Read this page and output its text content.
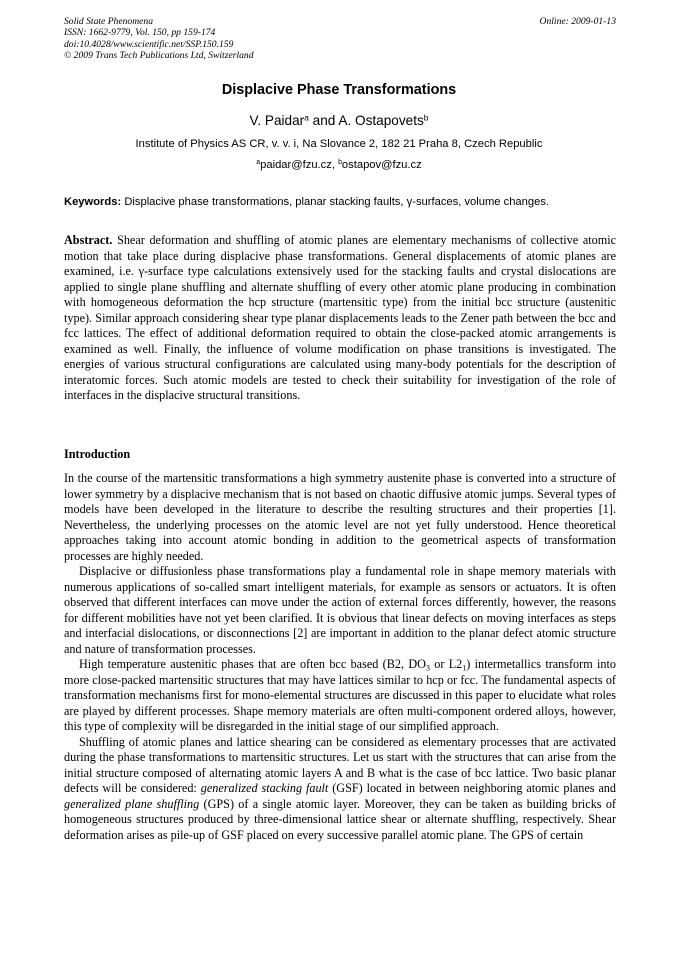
Solid State Phenomena
ISSN: 1662-9779, Vol. 150, pp 159-174
doi:10.4028/www.scientific.net/SSP.150.159
© 2009 Trans Tech Publications Ltd, Switzerland
Online: 2009-01-13
Displacive Phase Transformations
V. Paidar$^a$ and A. Ostapovets$^b$
Institute of Physics AS CR, v. v. i, Na Slovance 2, 182 21 Praha 8, Czech Republic
$^a$paidar@fzu.cz, $^b$ostapov@fzu.cz
Keywords: Displacive phase transformations, planar stacking faults, γ-surfaces, volume changes.
Abstract. Shear deformation and shuffling of atomic planes are elementary mechanisms of collective atomic motion that take place during displacive phase transformations. General displacements of atomic planes are examined, i.e. γ-surface type calculations extensively used for the stacking faults and crystal dislocations are applied to single plane shuffling and alternate shuffling of every other atomic plane producing in combination with homogeneous deformation the hcp structure (martensitic type) from the initial bcc structure (austenitic type). Similar approach considering shear type planar displacements leads to the Zener path between the bcc and fcc lattices. The effect of additional deformation required to obtain the close-packed atomic arrangements is examined as well. Finally, the influence of volume modification on phase transitions is investigated. The energies of various structural configurations are calculated using many-body potentials for the description of interatomic forces. Such atomic models are tested to check their suitability for investigation of the role of interfaces in the displacive structural transitions.
Introduction

In the course of the martensitic transformations a high symmetry austenite phase is converted into a structure of lower symmetry by a displacive mechanism that is not based on chaotic diffusive atomic jumps. Several types of models have been developed in the literature to describe the resulting structures and their properties [1]. Nevertheless, the underlying processes on the atomic level are not yet fully understood. Hence theoretical approaches taking into account atomic bonding in addition to the geometrical aspects of transformation processes are highly needed.

Displacive or diffusionless phase transformations play a fundamental role in shape memory materials with numerous applications of so-called smart intelligent materials, for example as sensors or actuators. It is often observed that different interfaces can move under the action of external forces differently, however, the reasons for different mobilities have not yet been clarified. It is obvious that linear defects on moving interfaces as steps and interfacial dislocations, or disconnections [2] are important in addition to the planar defect atomic structure and nature of transformation processes.

High temperature austenitic phases that are often bcc based (B2, $DO_3$ or $L2_1$) intermetallics transform into more close-packed martensitic structures that may have lattices similar to hcp or fcc. The fundamental aspects of transformation mechanisms first for mono-elemental structures are discussed in this paper to elucidate what roles are played by different processes. Shape memory materials are often multi-component ordered alloys, however, this type of complexity will be disregarded in the initial stage of our simplified approach.

Shuffling of atomic planes and lattice shearing can be considered as elementary processes that are activated during the phase transformations to martensitic structures. Let us start with the structures that can arise from the initial structure composed of alternating atomic layers A and B what is the case of bcc lattice. Two basic planar defects will be considered: generalized stacking fault (GSF) located in between neighboring atomic planes and generalized plane shuffling (GPS) of a single atomic layer. Moreover, they can be taken as building bricks of homogeneous structures produced by three-dimensional lattice shear or alternate shuffling, respectively. Shear deformation arises as pile-up of GSF placed on every successive parallel atomic plane. The GPS of certain
